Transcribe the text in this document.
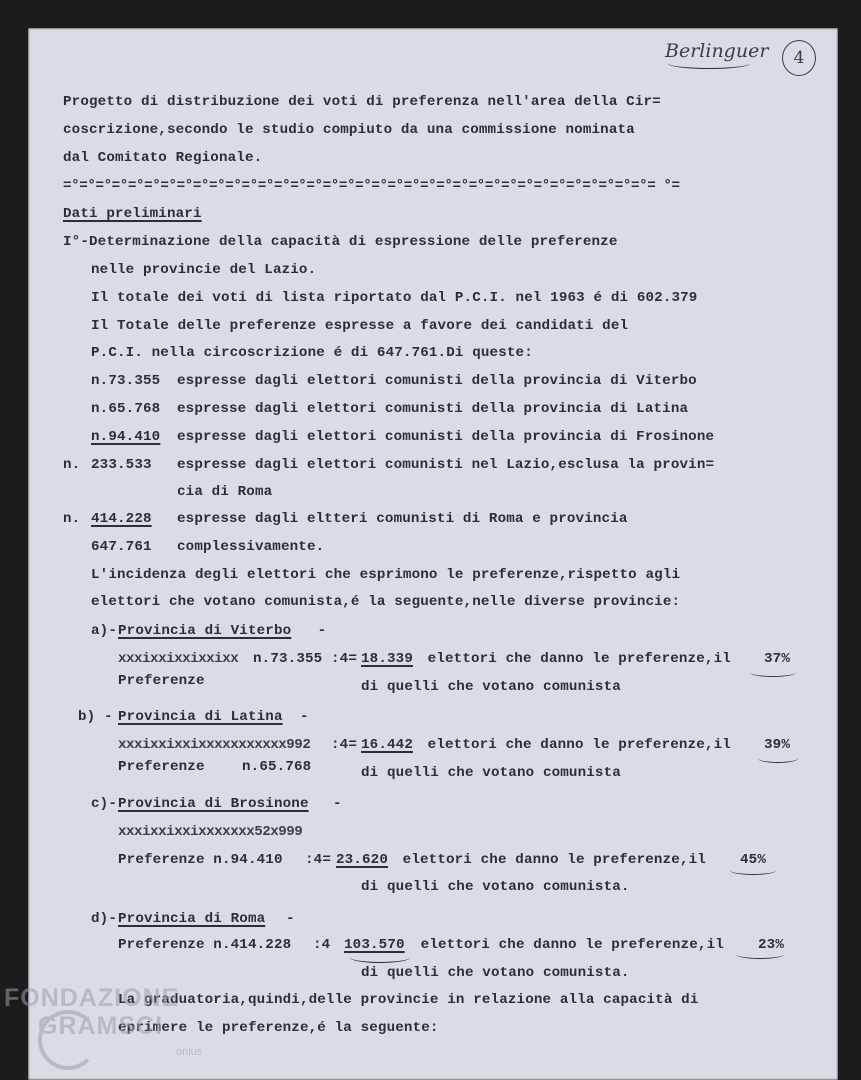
Berlinguer 4
Progetto di distribuzione dei voti di preferenza nell'area della Cir=
coscrizione,secondo le studio compiuto da una commissione nominata
dal Comitato Regionale.
=°=°=°=°=°=°=°=°=°=°=°=°=°=°=°=°=°=°=°=°=°=°=°=°=°=°=°=°=°=°=°=°=°=°=°=°= °=
Dati preliminari
I°-Determinazione della capacità di espressione delle preferenze
nelle provincie del Lazio.
Il totale dei voti di lista riportato dal P.C.I. nel 1963 é di 602.379
Il Totale delle preferenze espresse a favore dei candidati del
P.C.I. nella circoscrizione é di 647.761.Di queste:
n.73.355 espresse dagli elettori comunisti della provincia di Viterbo
n.65.768 espresse dagli elettori comunisti della provincia di Latina
n.94.410 espresse dagli elettori comunisti della provincia di Frosinone
n. 233.533 espresse dagli elettori comunisti nel Lazio,esclusa la provin=
cia di Roma
n. 414.228 espresse dagli eltteri comunisti di Roma e provincia
647.761 complessivamente.
L'incidenza degli elettori che esprimono le preferenze,rispetto agli
elettori che votano comunista,é la seguente,nelle diverse provincie:
a)- Provincia di Viterbo -
xxxixxixxixxixx n.73.355 :4= 18.339 elettori che danno le preferenze,il 37%
Preferenze	di quelli che votano comunista
b) - Provincia di Latina -
xxxixxixxixxxxxxxxxxx992 :4= 16.442 elettori che danno le preferenze,il 39%
Preferenze	n.65.768	di quelli che votano comunista
c)- Provincia di Brosinone -
xxxixxixxixxxxxxx52x999
Preferenze n.94.410 :4= 23.620 elettori che danno le preferenze,il 45%
di quelli che votano comunista.
d)- Provincia di Roma -
Preferenze n.414.228 :4 103.570 elettori che danno le preferenze,il 23%
di quelli che votano comunista.
La graduatoria,quindi,delle provincie in relazione alla capacità di
eprimere le preferenze,é la seguente:
FONDAZIONE
GRAMSCI
onlus
